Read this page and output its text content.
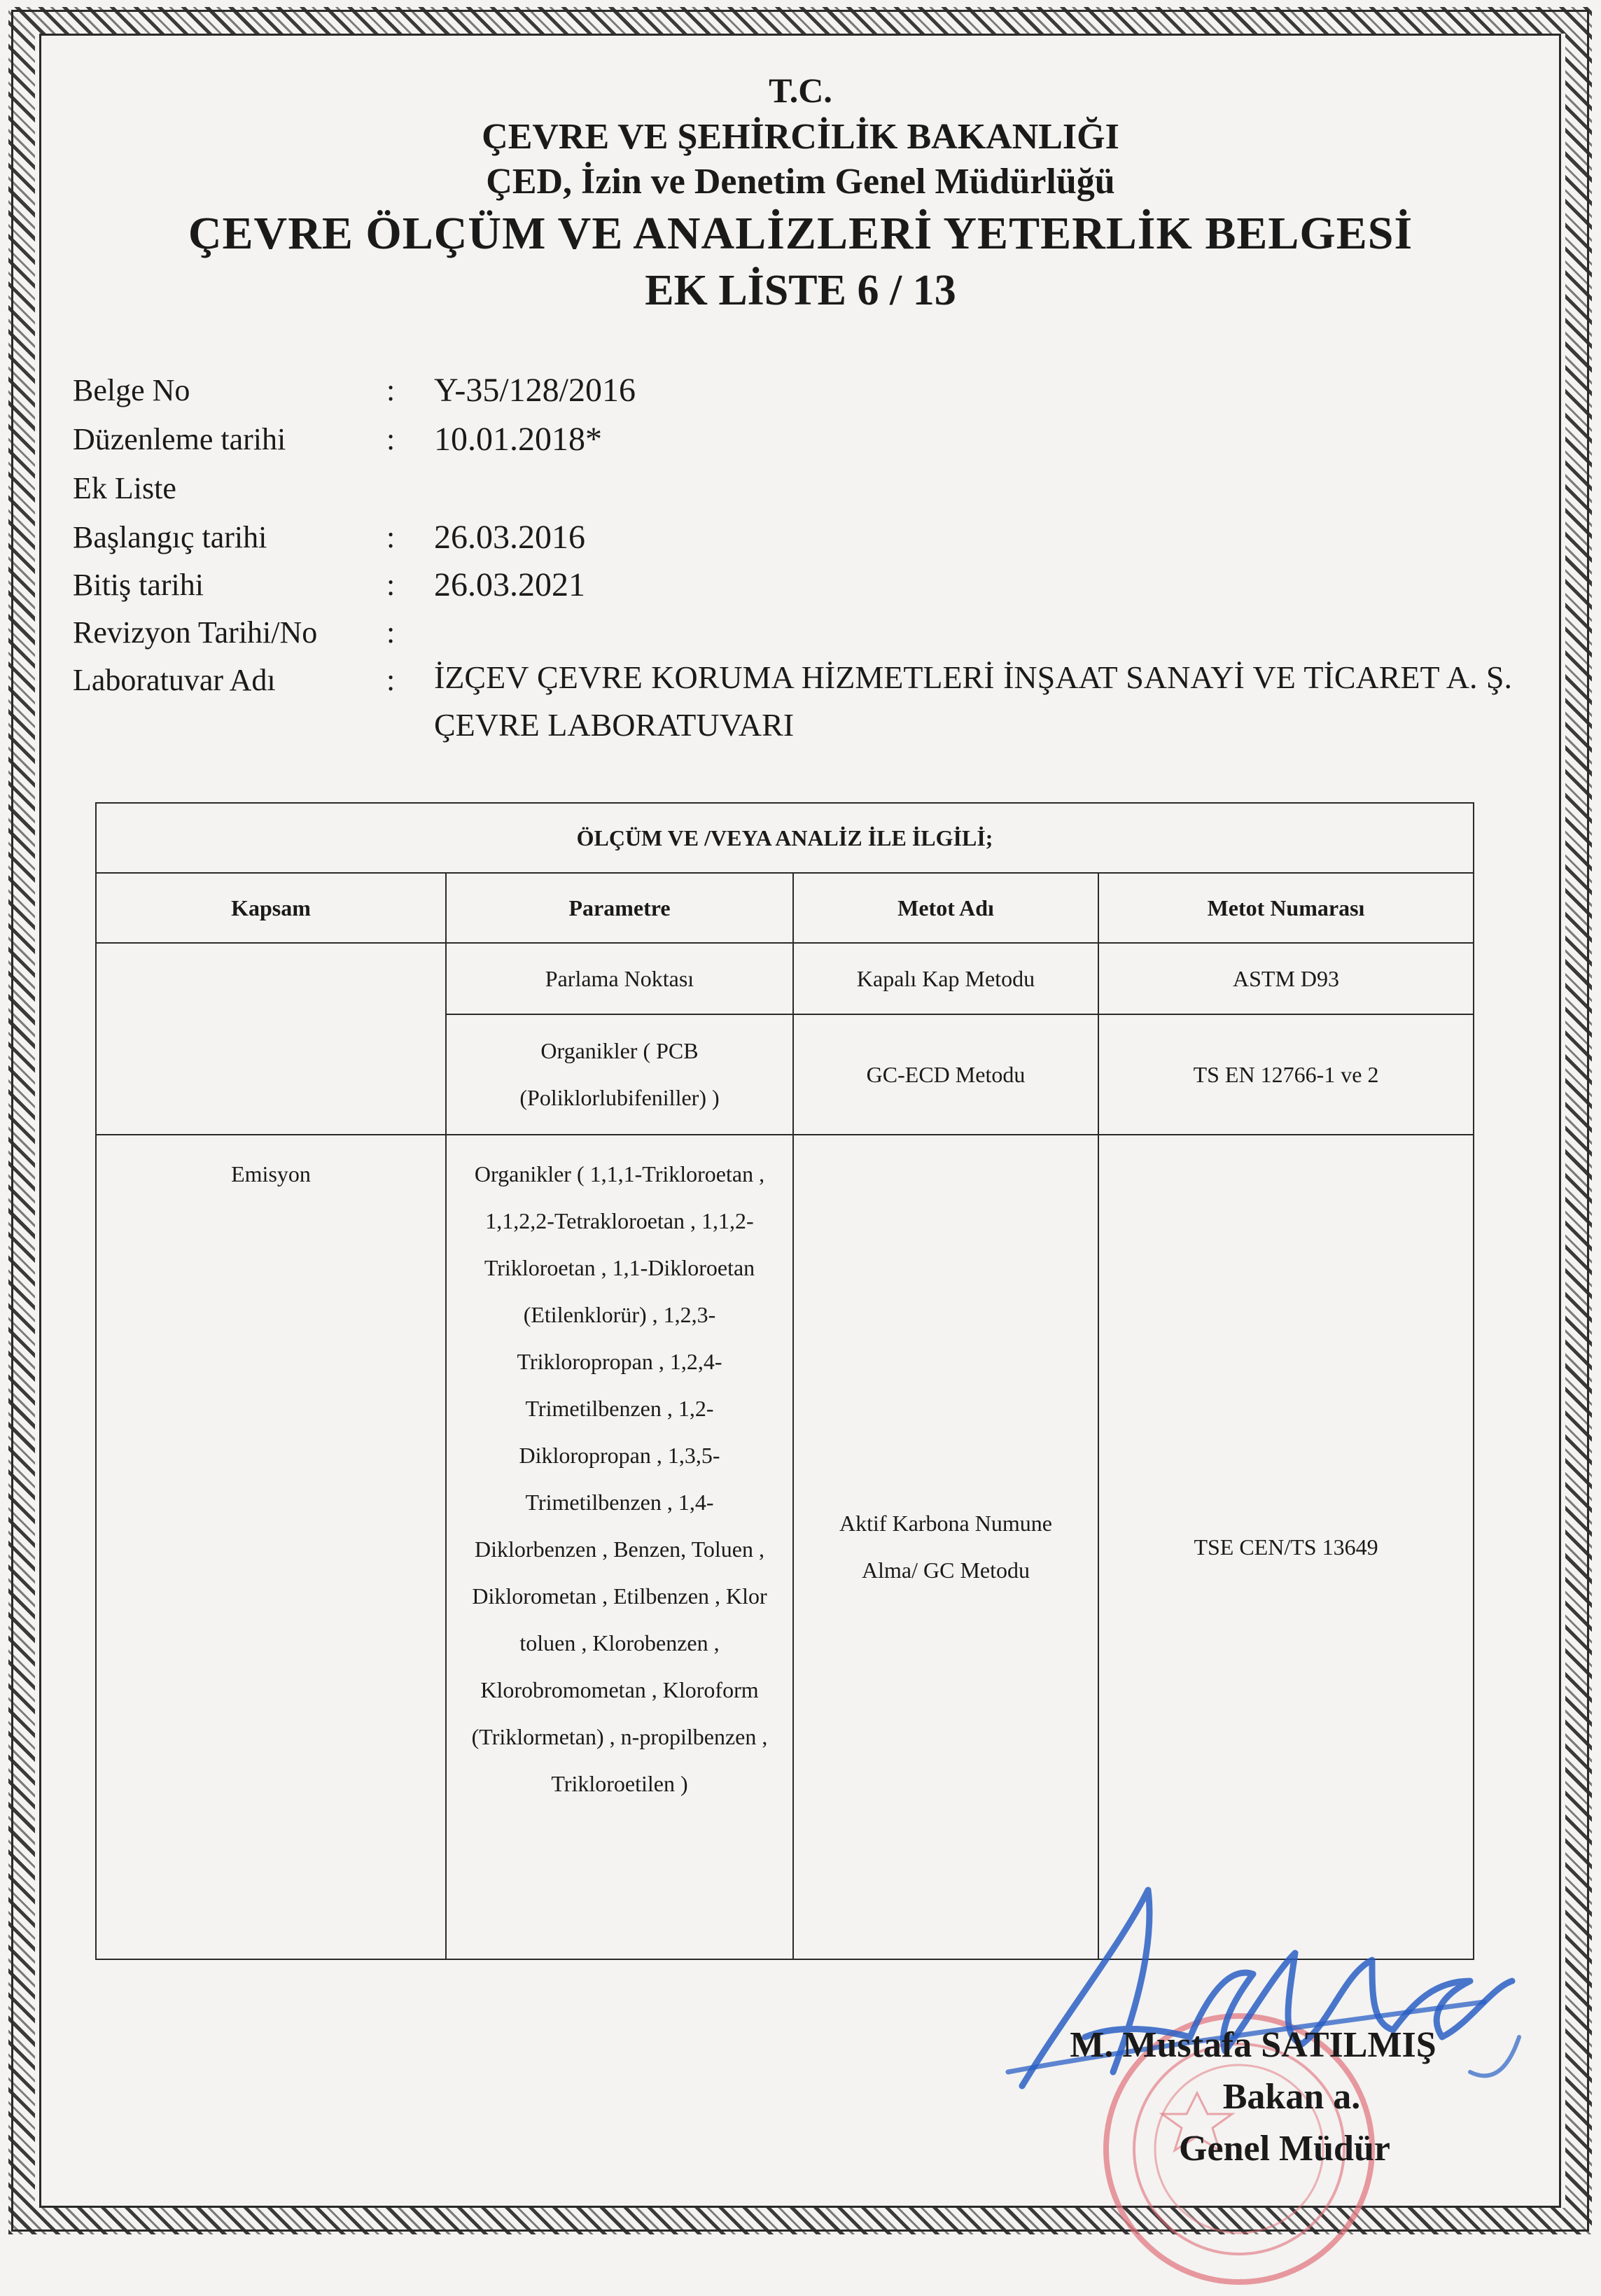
T.C.
ÇEVRE VE ŞEHİRCİLİK BAKANLIĞI
ÇED, İzin ve Denetim Genel Müdürlüğü
ÇEVRE ÖLÇÜM VE ANALİZLERİ YETERLİK BELGESİ
EK LİSTE 6 / 13
Belge No	: Y-35/128/2016
Düzenleme tarihi	: 10.01.2018*
Ek Liste
Başlangıç tarihi	: 26.03.2016
Bitiş tarihi	: 26.03.2021
Revizyon Tarihi/No :
Laboratuvar Adı	: İZÇEV ÇEVRE KORUMA HİZMETLERİ İNŞAAT SANAYİ VE TİCARET A. Ş. ÇEVRE LABORATUVARI
ÖLÇÜM VE /VEYA ANALİZ İLE İLGİLİ;			
Kapsam	Parametre	Metot Adı	Metot Numarası
	Parlama Noktası	Kapalı Kap Metodu	ASTM D93
	Organikler ( PCB (Poliklorlubifeniller) )	GC-ECD Metodu	TS EN 12766-1 ve 2
Emisyon	Organikler ( 1,1,1-Trikloroetan , 1,1,2,2-Tetrakloroetan , 1,1,2-Trikloroetan , 1,1-Dikloroetan (Etilenklorür) , 1,2,3-Trikloropropan , 1,2,4-Trimetilbenzen , 1,2-Dikloropropan , 1,3,5-Trimetilbenzen , 1,4-Diklorbenzen , Benzen, Toluen , Diklorometan , Etilbenzen , Klor toluen , Klorobenzen , Klorobromometan , Kloroform (Triklormetan) , n-propilbenzen , Trikloroetilen )	Aktif Karbona Numune Alma/ GC Metodu	TSE CEN/TS 13649
M. Mustafa SATILMIŞ
Bakan a.
Genel Müdür
